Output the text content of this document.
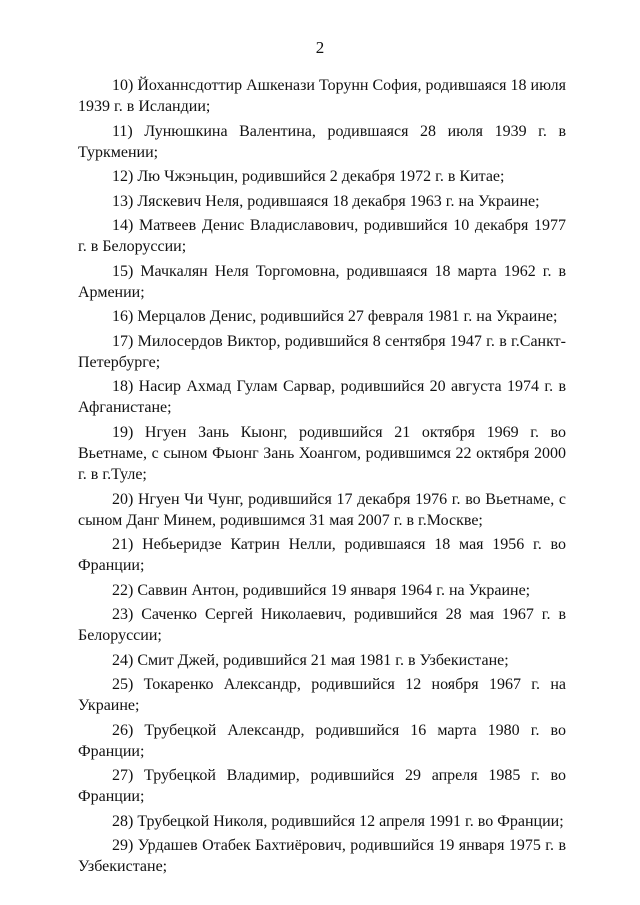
2

10) Йоханнсдоттир Ашкенази Торунн София, родившаяся 18 июля 1939 г. в Исландии;

11) Лунюшкина Валентина, родившаяся 28 июля 1939 г. в Туркмении;

12) Лю Чжэньцин, родившийся 2 декабря 1972 г. в Китае;

13) Ляскевич Неля, родившаяся 18 декабря 1963 г. на Украине;

14) Матвеев Денис Владиславович, родившийся 10 декабря 1977 г. в Белоруссии;

15) Мачкалян Неля Торгомовна, родившаяся 18 марта 1962 г. в Армении;

16) Мерцалов Денис, родившийся 27 февраля 1981 г. на Украине;

17) Милосердов Виктор, родившийся 8 сентября 1947 г. в г.Санкт-Петербурге;

18) Насир Ахмад Гулам Сарвар, родившийся 20 августа 1974 г. в Афганистане;

19) Нгуен Зань Кыонг, родившийся 21 октября 1969 г. во Вьетнаме, с сыном Фыонг Зань Хоангом, родившимся 22 октября 2000 г. в г.Туле;

20) Нгуен Чи Чунг, родившийся 17 декабря 1976 г. во Вьетнаме, с сыном Данг Минем, родившимся 31 мая 2007 г. в г.Москве;

21) Небьеридзе Катрин Нелли, родившаяся 18 мая 1956 г. во Франции;

22) Саввин Антон, родившийся 19 января 1964 г. на Украине;

23) Саченко Сергей Николаевич, родившийся 28 мая 1967 г. в Белоруссии;

24) Смит Джей, родившийся 21 мая 1981 г. в Узбекистане;

25) Токаренко Александр, родившийся 12 ноября 1967 г. на Украине;

26) Трубецкой Александр, родившийся 16 марта 1980 г. во Франции;

27) Трубецкой Владимир, родившийся 29 апреля 1985 г. во Франции;

28) Трубецкой Николя, родившийся 12 апреля 1991 г. во Франции;

29) Урдашев Отабек Бахтиёрович, родившийся 19 января 1975 г. в Узбекистане;
